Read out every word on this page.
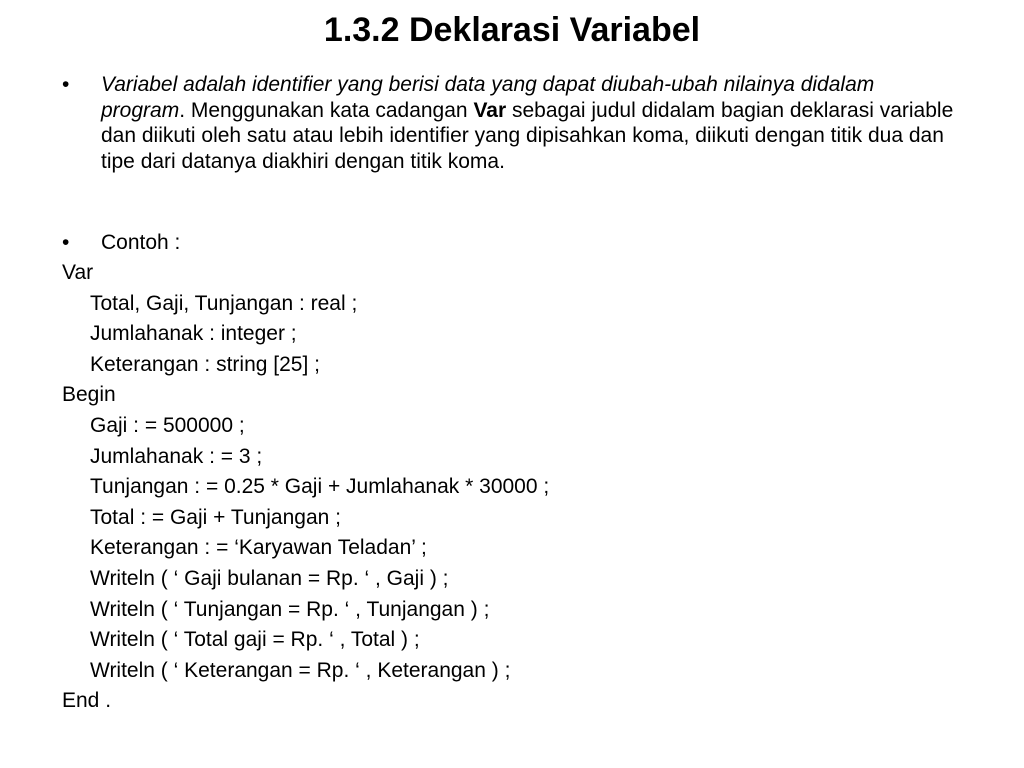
1.3.2 Deklarasi Variabel
• Variabel adalah identifier yang berisi data yang dapat diubah-ubah nilainya didalam program. Menggunakan kata cadangan Var sebagai judul didalam bagian deklarasi variable dan diikuti oleh satu atau lebih identifier yang dipisahkan koma, diikuti dengan titik dua dan tipe dari datanya diakhiri dengan titik koma.
• Contoh :
Var
Total, Gaji, Tunjangan : real ;
Jumlahanak : integer ;
Keterangan : string [25] ;
Begin
Gaji : = 500000 ;
Jumlahanak : = 3 ;
Tunjangan : = 0.25 * Gaji + Jumlahanak * 30000 ;
Total : = Gaji + Tunjangan ;
Keterangan : = ‘Karyawan Teladan’ ;
Writeln ( ‘ Gaji bulanan = Rp. ‘ , Gaji ) ;
Writeln ( ‘ Tunjangan = Rp. ‘ , Tunjangan ) ;
Writeln ( ‘ Total gaji = Rp. ‘ , Total ) ;
Writeln ( ‘ Keterangan = Rp. ‘ , Keterangan ) ;
End .
